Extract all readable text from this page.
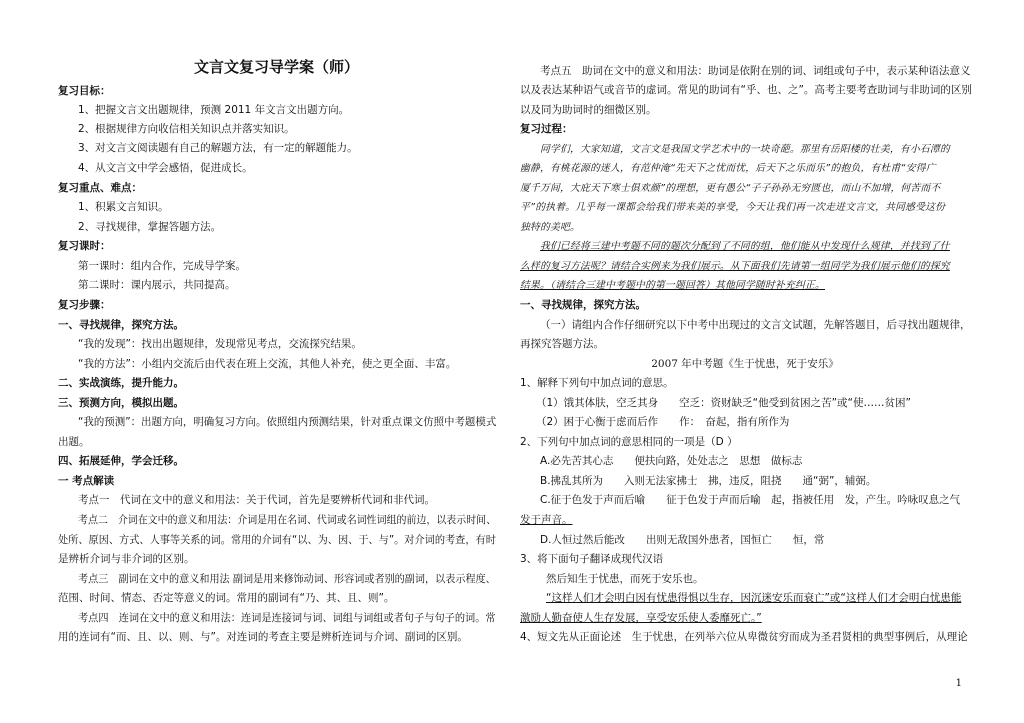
文言文复习导学案（师）
复习目标：
1、把握文言文出题规律，预测 2011 年文言文出题方向。
2、根据规律方向收信相关知识点并落实知识。
3、对文言文阅读题有自己的解题方法，有一定的解题能力。
4、从文言文中学会感悟，促进成长。
复习重点、难点：
1、积累文言知识。
2、寻找规律，掌握答题方法。
复习课时：
第一课时：组内合作，完成导学案。
第二课时：课内展示，共同提高。
复习步骤：
一、寻找规律，探究方法。
“我的发现”：找出出题规律，发现常见考点，交流探究结果。
“我的方法”：小组内交流后由代表在班上交流，其他人补充，使之更全面、丰富。
二、实战演练，提升能力。
三、预测方向，模拟出题。
“我的预测”：出题方向，明确复习方向。依照组内预测结果，针对重点课文仿照中考题模式
出题。
四、拓展延伸，学会迁移。
一 考点解读
考点一　代词在文中的意义和用法：关于代词，首先是要辨析代词和非代词。
考点二　介词在文中的意义和用法：介词是用在名词、代词或名词性词组的前边，以表示时间、
处所、原因、方式、人事等关系的词。常用的介词有“以、为、因、于、与”。对介词的考查，有时
是辨析介词与非介词的区别。
考点三　副词在文中的意义和用法 副词是用来修饰动词、形容词或者别的副词，以表示程度、
范围、时间、情态、否定等意义的词。常用的副词有“乃、其、且、则”。
考点四　连词在文中的意义和用法：连词是连接词与词、词组与词组或者句子与句子的词。常
用的连词有“而、且、以、则、与”。对连词的考查主要是辨析连词与介词、副词的区别。
考点五　助词在文中的意义和用法：助词是依附在别的词、词组或句子中，表示某种语法意义
以及表达某种语气或音节的虚词。常见的助词有“乎、也、之”。高考主要考查助词与非助词的区别
以及同为助词时的细微区别。
复习过程：
同学们，大家知道，文言文是我国文学艺术中的一块奇葩。那里有岳阳楼的壮美，有小石潭的
幽静，有桃花源的迷人，有范仲淹“先天下之忧而忧，后天下之乐而乐”的抱负，有杜甫“安得广
厦千万间，大庇天下寒士俱欢颜”的理想，更有愚公“子子孙孙无穷匮也，而山不加增，何苦而不
平”的执着。几乎每一课都会给我们带来美的享受，今天让我们再一次走进文言文，共同感受这份
独特的美吧。
我们已经将三建中考题不同的题次分配到了不同的组，他们能从中发现什么规律，并找到了什
么样的复习方法呢？请结合实例来为我们展示。从下面我们先请第一组同学为我们展示他们的探究
结果。（请结合三建中考题中的第一题回答）其他同学随时补充纠正。
一、寻找规律，探究方法。
（一）请组内合作仔细研究以下中考中出现过的文言文试题，先解答题目，后寻找出题规律，
再探究答题方法。
2007 年中考题《生于忧患，死于安乐》
1、解释下列句中加点词的意思。
（1）饿其体肤，空乏其身　　空乏：资财缺乏“他受到贫困之苦”或“使……贫困”
（2）困于心衡于虑而后作　　作：　奋起，指有所作为
2、下列句中加点词的意思相同的一项是（D ）
A.必先苦其心志　　便扶向路，处处志之　思想　做标志
B.拂乱其所为　　入则无法家拂士　拂，违反，阻挠　　通“弼”，辅弼。
C.征于色发于声而后喻　　征于色发于声而后喻　起，指被任用　发，产生。吟咏叹息之气
发于声音。
D.人恒过然后能改　　出则无敌国外患者，国恒亡　　恒，常
3、将下面句子翻译成现代汉语
然后知生于忧患，而死于安乐也。
“这样人们才会明白因有忧患得惧以生存，因沉迷安乐而衰亡”或“这样人们才会明白忧患能
激励人勤奋使人生存发展，享受安乐使人委靡死亡。”
4、短文先从正面论述　生于忧患，在列举六位从卑微贫穷而成为圣君贤相的典型事例后，从理论
1
